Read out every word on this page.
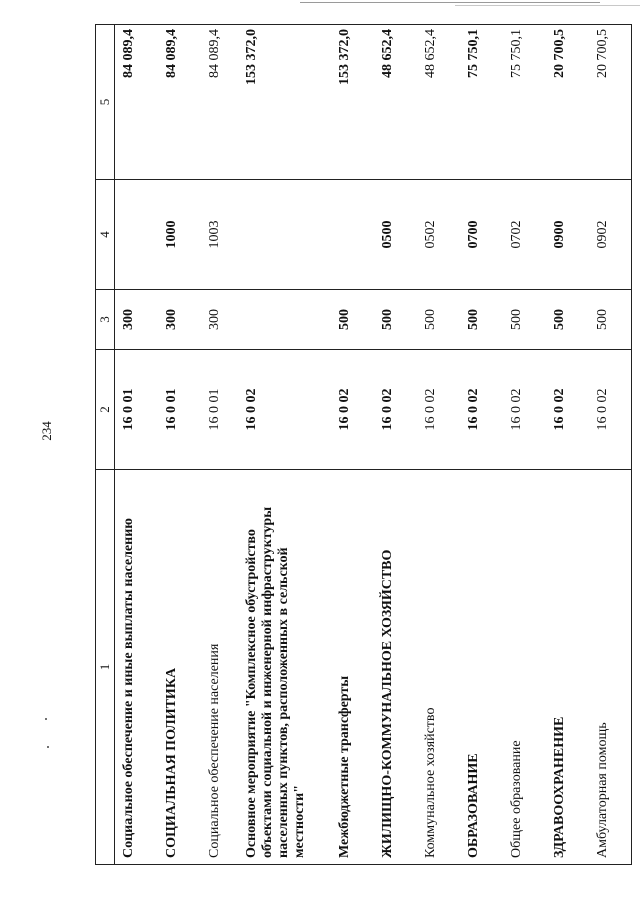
234
1	2	3	4	5
Социальное обеспечение и иные выплаты населению	16 0 01	300		84 089,4
СОЦИАЛЬНАЯ ПОЛИТИКА	16 0 01	300	1000	84 089,4
Социальное обеспечение населения	16 0 01	300	1003	84 089,4
Основное мероприятие "Комплексное обустройство объектами социальной и инженерной инфраструктуры населенных пунктов, расположенных в сельской местности"	16 0 02			153 372,0
Межбюджетные трансферты	16 0 02	500		153 372,0
ЖИЛИЩНО-КОММУНАЛЬНОЕ ХОЗЯЙСТВО	16 0 02	500	0500	48 652,4
Коммунальное хозяйство	16 0 02	500	0502	48 652,4
ОБРАЗОВАНИЕ	16 0 02	500	0700	75 750,1
Общее образование	16 0 02	500	0702	75 750,1
ЗДРАВООХРАНЕНИЕ	16 0 02	500	0900	20 700,5
Амбулаторная помощь	16 0 02	500	0902	20 700,5
